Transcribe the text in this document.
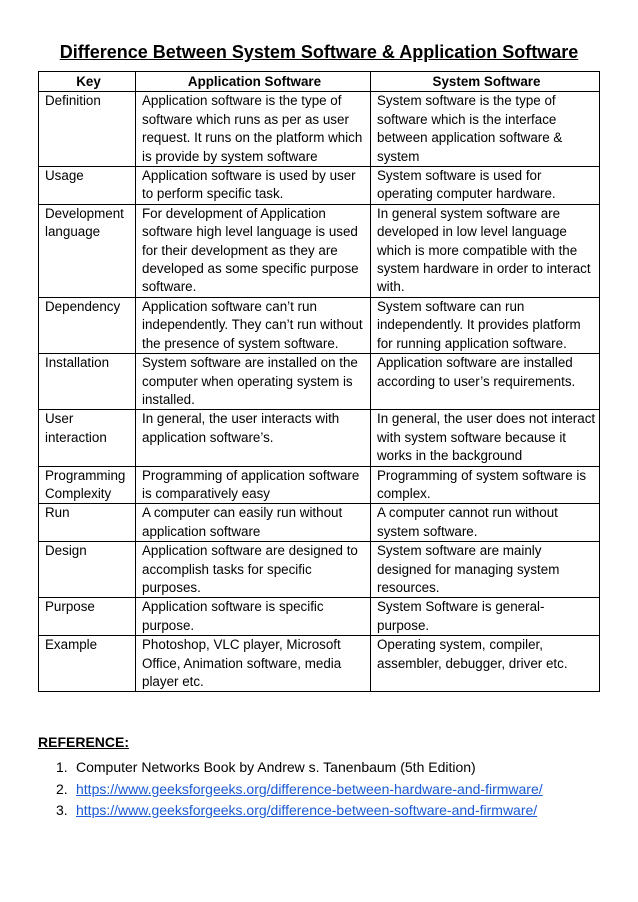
Difference Between System Software & Application Software
Key	Application Software	System Software
Definition	Application software is the type of software which runs as per as user request. It runs on the platform which is provide by system software	System software is the type of software which is the interface between application software & system
Usage	Application software is used by user to perform specific task.	System software is used for operating computer hardware.
Development language	For development of Application software high level language is used for their development as they are developed as some specific purpose software.	In general system software are developed in low level language which is more compatible with the system hardware in order to interact with.
Dependency	Application software can’t run independently. They can’t run without the presence of system software.	System software can run independently. It provides platform for running application software.
Installation	System software are installed on the computer when operating system is installed.	Application software are installed according to user’s requirements.
User interaction	In general, the user interacts with application software’s.	In general, the user does not interact with system software because it works in the background
Programming Complexity	Programming of application software is comparatively easy	Programming of system software is complex.
Run	A computer can easily run without application software	A computer cannot run without system software.
Design	Application software are designed to accomplish tasks for specific purposes.	System software are mainly designed for managing system resources.
Purpose	Application software is specific purpose.	System Software is general-purpose.
Example	Photoshop, VLC player, Microsoft Office, Animation software, media player etc.	Operating system, compiler, assembler, debugger, driver etc.
REFERENCE:
1. Computer Networks Book by Andrew s. Tanenbaum (5th Edition)
2. https://www.geeksforgeeks.org/difference-between-hardware-and-firmware/
3. https://www.geeksforgeeks.org/difference-between-software-and-firmware/
